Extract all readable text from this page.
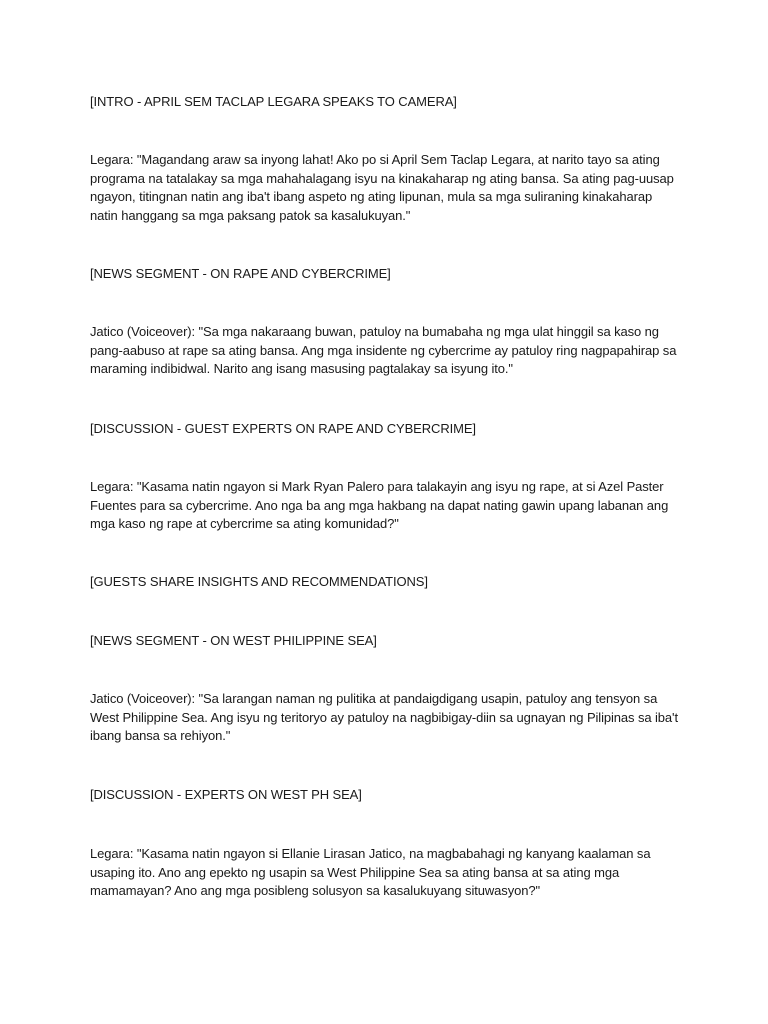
[INTRO - APRIL SEM TACLAP LEGARA SPEAKS TO CAMERA]

Legara: "Magandang araw sa inyong lahat! Ako po si April Sem Taclap Legara, at narito tayo sa ating programa na tatalakay sa mga mahahalagang isyu na kinakaharap ng ating bansa. Sa ating pag-uusap ngayon, titingnan natin ang iba't ibang aspeto ng ating lipunan, mula sa mga suliraning kinakaharap natin hanggang sa mga paksang patok sa kasalukuyan."

[NEWS SEGMENT - ON RAPE AND CYBERCRIME]

Jatico (Voiceover): "Sa mga nakaraang buwan, patuloy na bumabaha ng mga ulat hinggil sa kaso ng pang-aabuso at rape sa ating bansa. Ang mga insidente ng cybercrime ay patuloy ring nagpapahirap sa maraming indibidwal. Narito ang isang masusing pagtalakay sa isyung ito."

[DISCUSSION - GUEST EXPERTS ON RAPE AND CYBERCRIME]

Legara: "Kasama natin ngayon si Mark Ryan Palero para talakayin ang isyu ng rape, at si Azel Paster Fuentes para sa cybercrime. Ano nga ba ang mga hakbang na dapat nating gawin upang labanan ang mga kaso ng rape at cybercrime sa ating komunidad?"

[GUESTS SHARE INSIGHTS AND RECOMMENDATIONS]

[NEWS SEGMENT - ON WEST PHILIPPINE SEA]

Jatico (Voiceover): "Sa larangan naman ng pulitika at pandaigdigang usapin, patuloy ang tensyon sa West Philippine Sea. Ang isyu ng teritoryo ay patuloy na nagbibigay-diin sa ugnayan ng Pilipinas sa iba't ibang bansa sa rehiyon."

[DISCUSSION - EXPERTS ON WEST PH SEA]

Legara: "Kasama natin ngayon si Ellanie Lirasan Jatico, na magbabahagi ng kanyang kaalaman sa usaping ito. Ano ang epekto ng usapin sa West Philippine Sea sa ating bansa at sa ating mga mamamayan? Ano ang mga posibleng solusyon sa kasalukuyang situwasyon?"
